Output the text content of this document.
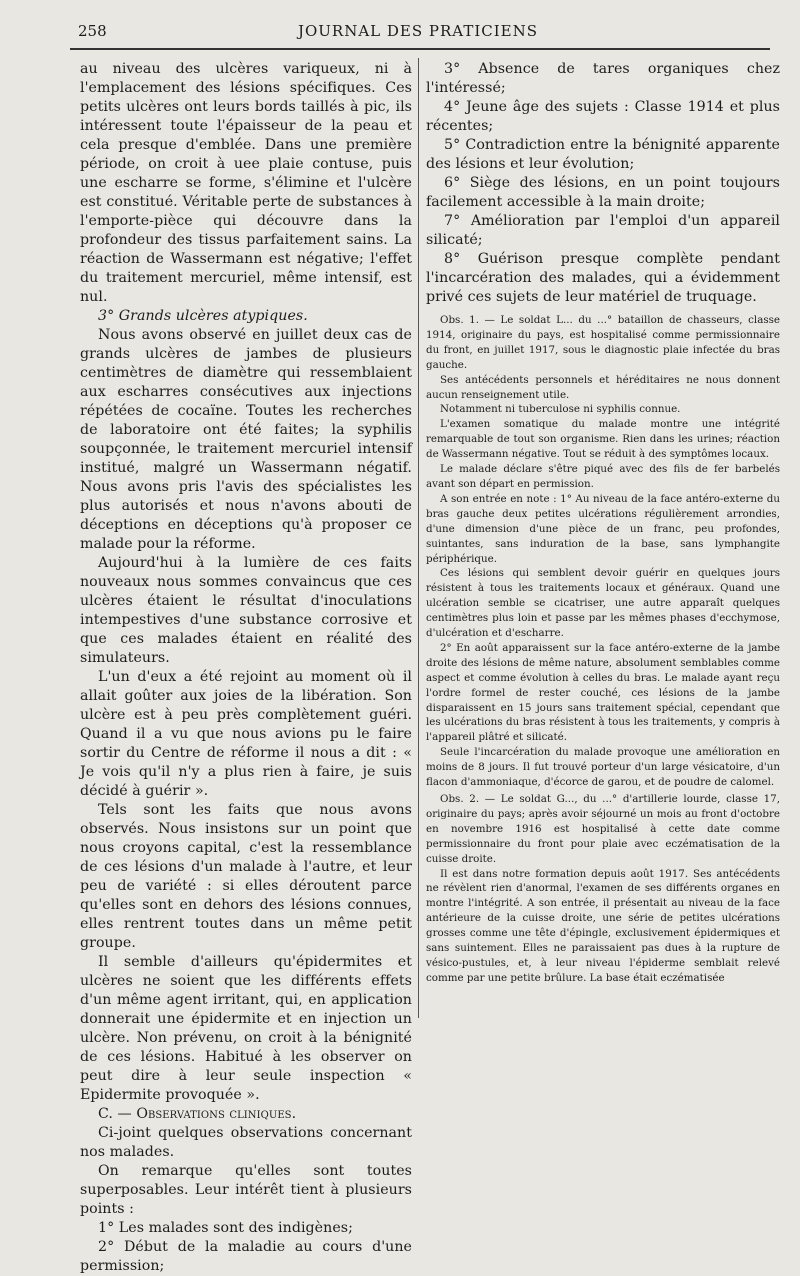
258	JOURNAL DES PRATICIENS

au niveau des ulcères variqueux, ni à l'emplacement des lésions spécifiques. Ces petits ulcères ont leurs bords taillés à pic, ils intéressent toute l'épaisseur de la peau et cela presque d'emblée. Dans une première période, on croit à uee plaie contuse, puis une escharre se forme, s'élimine et l'ulcère est constitué. Véritable perte de substances à l'emporte-pièce qui découvre dans la profondeur des tissus parfaitement sains. La réaction de Wassermann est négative; l'effet du traitement mercuriel, même intensif, est nul.

3° Grands ulcères atypiques.

Nous avons observé en juillet deux cas de grands ulcères de jambes de plusieurs centimètres de diamètre qui ressemblaient aux escharres consécutives aux injections répétées de cocaïne. Toutes les recherches de laboratoire ont été faites; la syphilis soupçonnée, le traitement mercuriel intensif institué, malgré un Wassermann négatif. Nous avons pris l'avis des spécialistes les plus autorisés et nous n'avons abouti de déceptions en déceptions qu'à proposer ce malade pour la réforme.

Aujourd'hui à la lumière de ces faits nouveaux nous sommes convaincus que ces ulcères étaient le résultat d'inoculations intempestives d'une substance corrosive et que ces malades étaient en réalité des simulateurs.

L'un d'eux a été rejoint au moment où il allait goûter aux joies de la libération. Son ulcère est à peu près complètement guéri. Quand il a vu que nous avions pu le faire sortir du Centre de réforme il nous a dit : « Je vois qu'il n'y a plus rien à faire, je suis décidé à guérir ».

Tels sont les faits que nous avons observés. Nous insistons sur un point que nous croyons capital, c'est la ressemblance de ces lésions d'un malade à l'autre, et leur peu de variété : si elles déroutent parce qu'elles sont en dehors des lésions connues, elles rentrent toutes dans un même petit groupe.

Il semble d'ailleurs qu'épidermites et ulcères ne soient que les différents effets d'un même agent irritant, qui, en application donnerait une épidermite et en injection un ulcère. Non prévenu, on croit à la bénignité de ces lésions. Habitué à les observer on peut dire à leur seule inspection « Epidermite provoquée ».

C. — Observations cliniques.

Ci-joint quelques observations concernant nos malades.

On remarque qu'elles sont toutes superposables. Leur intérêt tient à plusieurs points :

1° Les malades sont des indigènes;

2° Début de la maladie au cours d'une permission;

3° Absence de tares organiques chez l'intéressé;

4° Jeune âge des sujets : Classe 1914 et plus récentes;

5° Contradiction entre la bénignité apparente des lésions et leur évolution;

6° Siège des lésions, en un point toujours facilement accessible à la main droite;

7° Amélioration par l'emploi d'un appareil silicaté;

8° Guérison presque complète pendant l'incarcération des malades, qui a évidemment privé ces sujets de leur matériel de truquage.

Obs. 1. — Le soldat L... du ...° bataillon de chasseurs, classe 1914, originaire du pays, est hospitalisé comme permissionnaire du front, en juillet 1917, sous le diagnostic plaie infectée du bras gauche.

Ses antécédents personnels et héréditaires ne nous donnent aucun renseignement utile.

Notamment ni tuberculose ni syphilis connue.

L'examen somatique du malade montre une intégrité remarquable de tout son organisme. Rien dans les urines; réaction de Wassermann négative. Tout se réduit à des symptômes locaux.

Le malade déclare s'être piqué avec des fils de fer barbelés avant son départ en permission.

A son entrée en note : 1° Au niveau de la face antéro-externe du bras gauche deux petites ulcérations régulièrement arrondies, d'une dimension d'une pièce de un franc, peu profondes, suintantes, sans induration de la base, sans lymphangite périphérique.

Ces lésions qui semblent devoir guérir en quelques jours résistent à tous les traitements locaux et généraux. Quand une ulcération semble se cicatriser, une autre apparaît quelques centimètres plus loin et passe par les mêmes phases d'ecchymose, d'ulcération et d'escharre.

2° En août apparaissent sur la face antéro-externe de la jambe droite des lésions de même nature, absolument semblables comme aspect et comme évolution à celles du bras. Le malade ayant reçu l'ordre formel de rester couché, ces lésions de la jambe disparaissent en 15 jours sans traitement spécial, cependant que les ulcérations du bras résistent à tous les traitements, y compris à l'appareil plâtré et silicaté.

Seule l'incarcération du malade provoque une amélioration en moins de 8 jours. Il fut trouvé porteur d'un large vésicatoire, d'un flacon d'ammoniaque, d'écorce de garou, et de poudre de calomel.

Obs. 2. — Le soldat G..., du ...° d'artillerie lourde, classe 17, originaire du pays; après avoir séjourné un mois au front d'octobre en novembre 1916 est hospitalisé à cette date comme permissionnaire du front pour plaie avec eczématisation de la cuisse droite.

Il est dans notre formation depuis août 1917. Ses antécédents ne révèlent rien d'anormal, l'examen de ses différents organes en montre l'intégrité. A son entrée, il présentait au niveau de la face antérieure de la cuisse droite, une série de petites ulcérations grosses comme une tête d'épingle, exclusivement épidermiques et sans suintement. Elles ne paraissaient pas dues à la rupture de vésico-pustules, et, à leur niveau l'épiderme semblait relevé comme par une petite brûlure. La base était eczématisée
